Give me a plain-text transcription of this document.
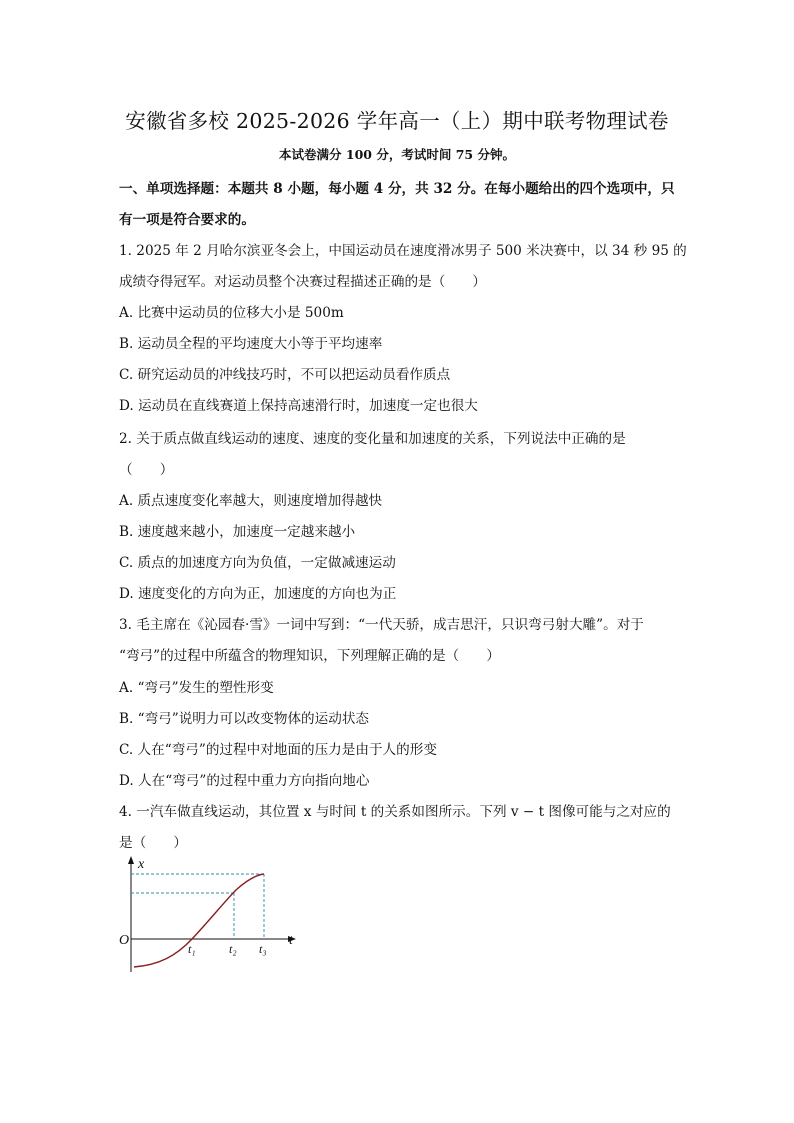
安徽省多校 2025-2026 学年高一（上）期中联考物理试卷
本试卷满分 100 分，考试时间 75 分钟。
一、单项选择题：本题共 8 小题，每小题 4 分，共 32 分。在每小题给出的四个选项中，只
有一项是符合要求的。
1. 2025 年 2 月哈尔滨亚冬会上，中国运动员在速度滑冰男子 500 米决赛中，以 34 秒 95 的
成绩夺得冠军。对运动员整个决赛过程描述正确的是（　　）
A. 比赛中运动员的位移大小是 500m
B. 运动员全程的平均速度大小等于平均速率
C. 研究运动员的冲线技巧时，不可以把运动员看作质点
D. 运动员在直线赛道上保持高速滑行时，加速度一定也很大
2. 关于质点做直线运动的速度、速度的变化量和加速度的关系，下列说法中正确的是
（　　）
A. 质点速度变化率越大，则速度增加得越快
B. 速度越来越小，加速度一定越来越小
C. 质点的加速度方向为负值，一定做减速运动
D. 速度变化的方向为正，加速度的方向也为正
3. 毛主席在《沁园春·雪》一词中写到：“一代天骄，成吉思汗，只识弯弓射大雕”。对于
“弯弓”的过程中所蕴含的物理知识，下列理解正确的是（　　）
A. “弯弓”发生的塑性形变
B. “弯弓”说明力可以改变物体的运动状态
C. 人在“弯弓”的过程中对地面的压力是由于人的形变
D. 人在“弯弓”的过程中重力方向指向地心
4. 一汽车做直线运动，其位置 x 与时间 t 的关系如图所示。下列 v − t 图像可能与之对应的
是（　　）
x
t
O
t₁	t₂ t₃
